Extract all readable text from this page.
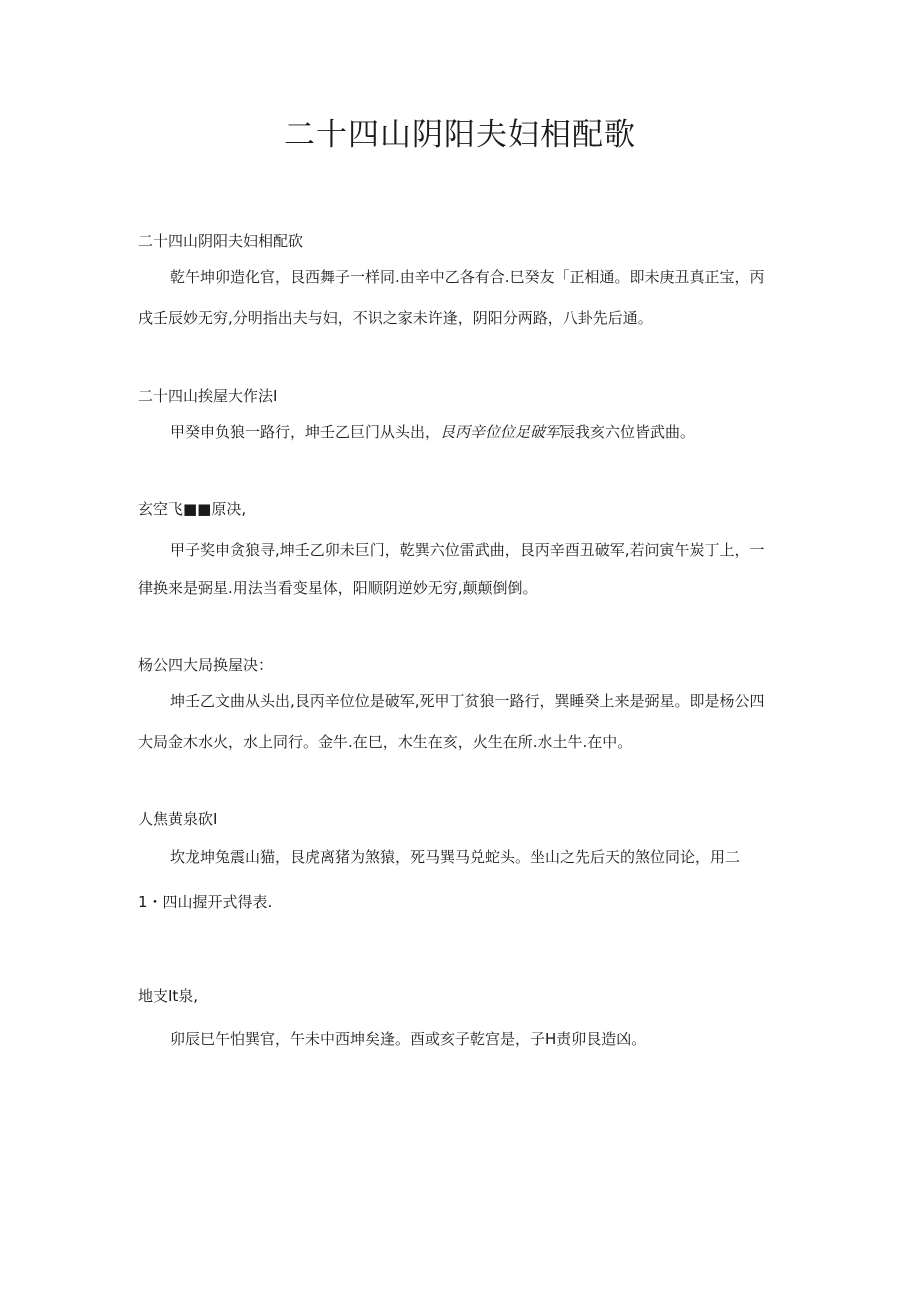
二十四山阴阳夫妇相配歌

二十四山阴阳夫妇相配砍

乾午坤卯造化官，艮西舞子一样同.由辛中乙各有合.巳癸友「正相通。即未庚丑真正宝，丙
戌壬辰妙无穷,分明指出夫与妇，不识之家未许逢，阴阳分两路，八卦先后通。

二十四山挨屋大作法I

甲癸申负狼一路行，坤壬乙巨门从头出，艮丙辛位位足破军辰我亥六位皆武曲。

玄空飞■■原决,

甲子奖申贪狼寻,坤壬乙卯未巨门，乾巽六位雷武曲，艮丙辛酉丑破军,若问寅午炭丁上，一
律换来是弼星.用法当看变星体，阳顺阴逆妙无穷,颠颠倒倒。

杨公四大局换屋决：

坤壬乙文曲从头出,艮丙辛位位是破军,死甲丁贫狼一路行，巽睡癸上来是弼星。即是杨公四
大局金木水火，水上同行。金牛.在巳，木生在亥，火生在所.水土牛.在中。

人焦黄泉砍I

坎龙坤兔震山猫，艮虎离猪为煞猿，死马巽马兑蛇头。坐山之先后天的煞位同论，用二
1・四山握开式得表.

地支It泉,

卯辰巳午怕巽官，午未中西坤矣逢。酉或亥子乾宫是，子H责卯艮造凶。
